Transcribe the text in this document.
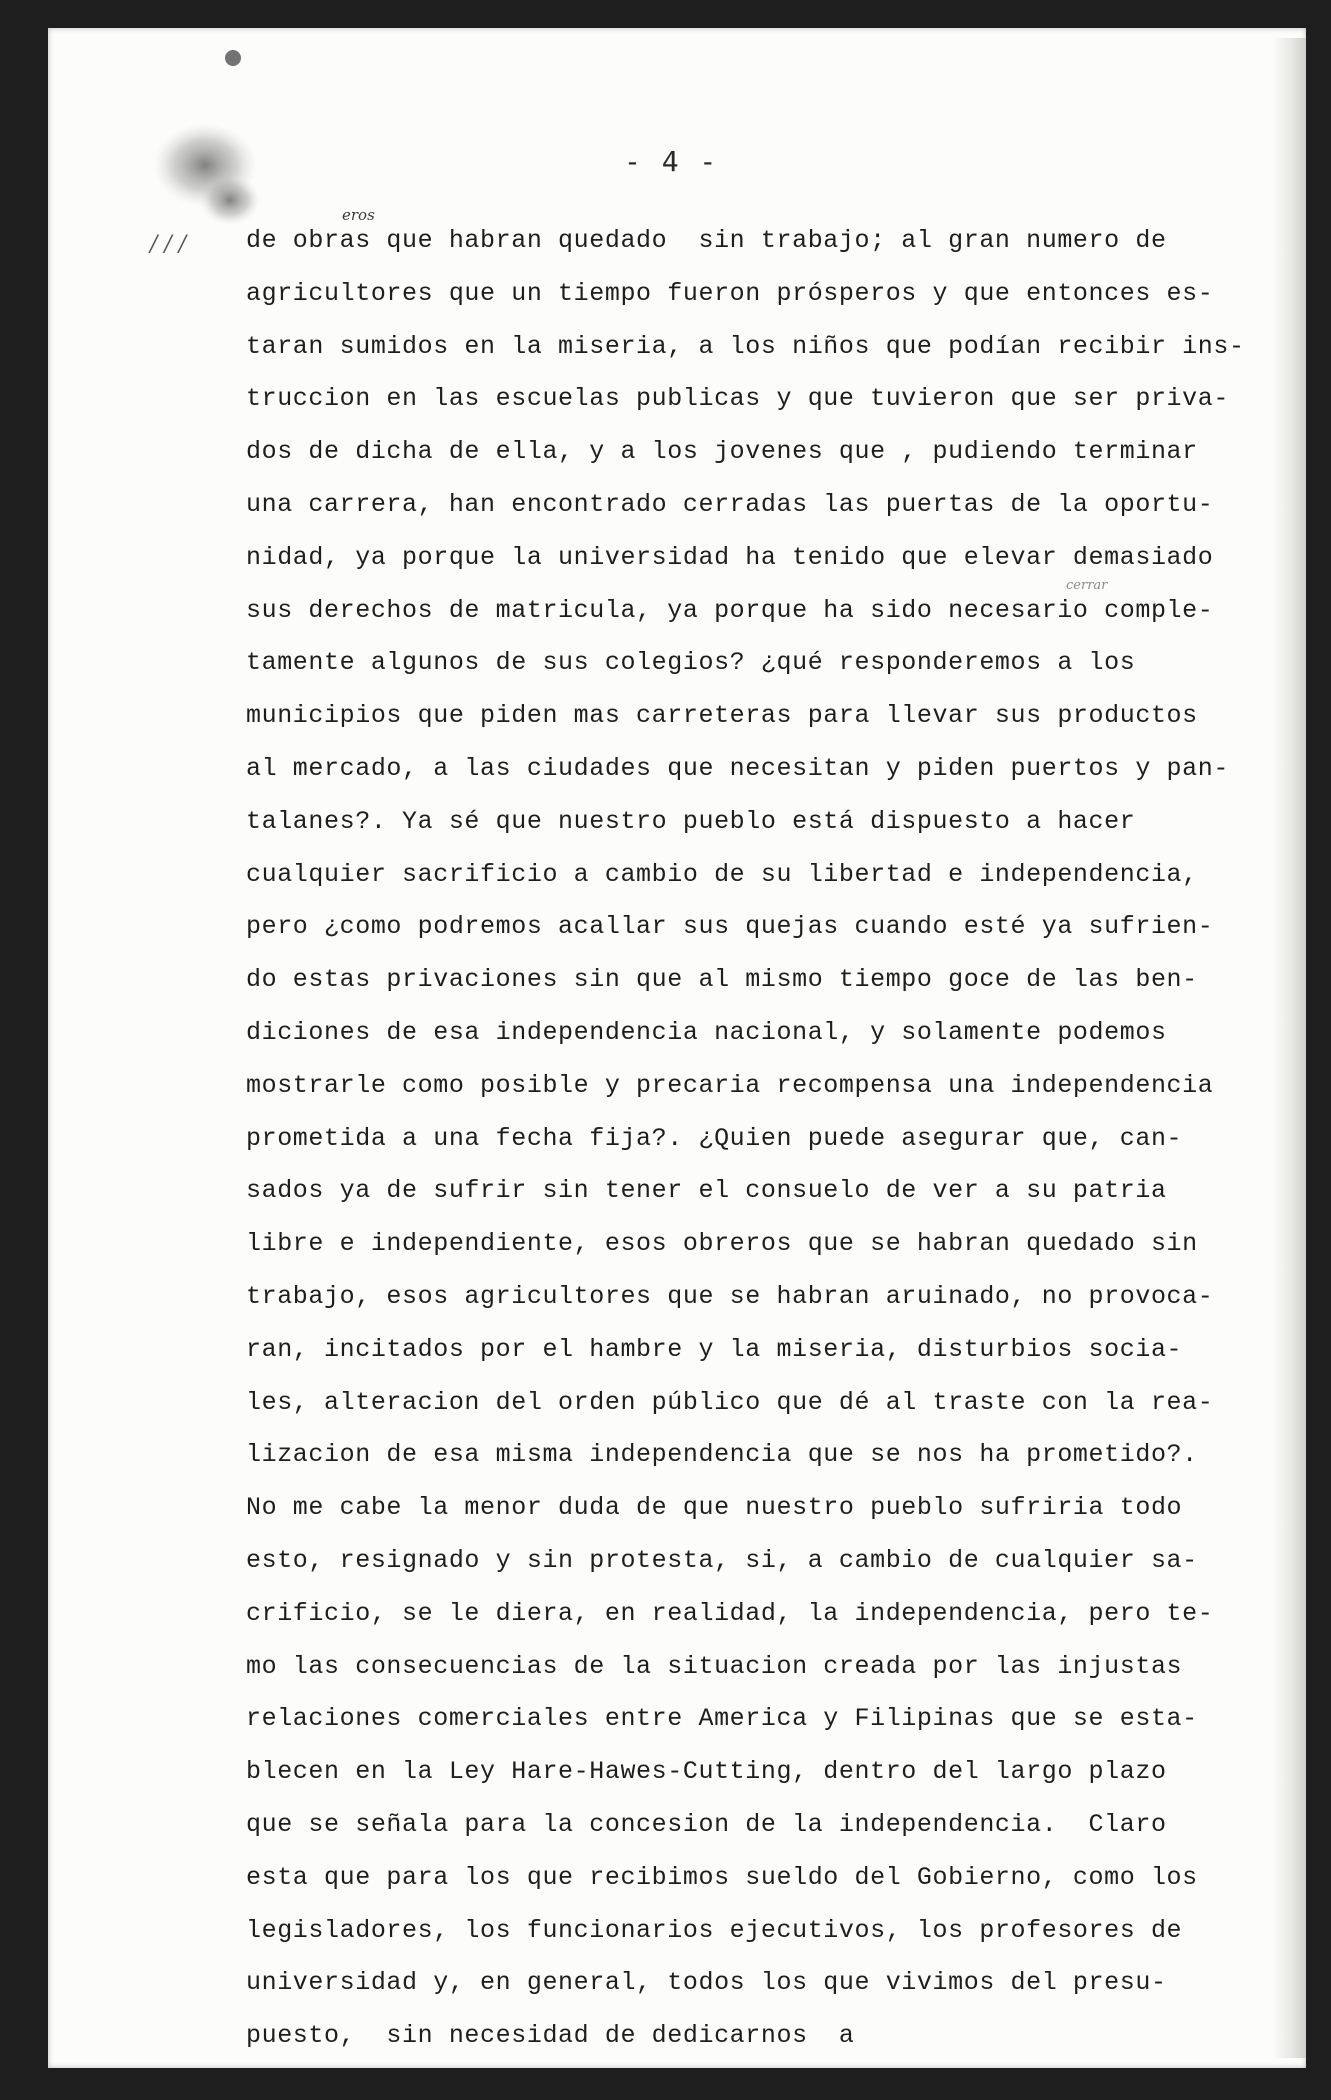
- 4 -
eros
cerrar
/ / / de obras que habran quedado  sin trabajo; al gran numero de
agricultores que un tiempo fueron prósperos y que entonces es-
taran sumidos en la miseria, a los niños que podían recibir ins-
truccion en las escuelas publicas y que tuvieron que ser priva-
dos de dicha de ella, y a los jovenes que , pudiendo terminar
una carrera, han encontrado cerradas las puertas de la oportu-
nidad, ya porque la universidad ha tenido que elevar demasiado
sus derechos de matricula, ya porque ha sido necesario complе-
tamente algunos de sus colegios? ¿qué responderemos a los
municipios que piden mas carreteras para llevar sus productos
al mercado, a las ciudades que necesitan y piden puertos y pan-
talanes?. Ya sé que nuestro pueblo está dispuesto a hacer
cualquier sacrificio a cambio de su libertad e independencia,
pero ¿como podremos acallar sus quejas cuando esté ya sufrien-
do estas privaciones sin que al mismo tiempo goce de las ben-
diciones de esa independencia nacional, y solamente podemos
mostrarle como posible y precaria recompensa una independencia
prometida a una fecha fija?. ¿Quien puede asegurar que, can-
sados ya de sufrir sin tener el consuelo de ver a su patria
libre e independiente, esos obreros que se habran quedado sin
trabajo, esos agricultores que se habran aruinado, no provoca-
ran, incitados por el hambre y la miseria, disturbios socia-
les, alteracion del orden público que dé al traste con la rea-
lizacion de esa misma independencia que se nos ha prometido?.
No me cabe la menor duda de que nuestro pueblo sufriria todo
esto, resignado y sin protesta, si, a cambio de cualquier sa-
crificio, se le diera, en realidad, la independencia, pero te-
mo las consecuencias de la situacion creada por las injustas
relaciones comerciales entre America y Filipinas que se esta-
blecen en la Ley Hare-Hawes-Cutting, dentro del largo plazo
que se señala para la concesion de la independencia.  Claro
esta que para los que recibimos sueldo del Gobierno, como los
legisladores, los funcionarios ejecutivos, los profesores de
universidad y, en general, todos los que vivimos del presu-
puesto,  sin necesidad de dedicarnos  a
